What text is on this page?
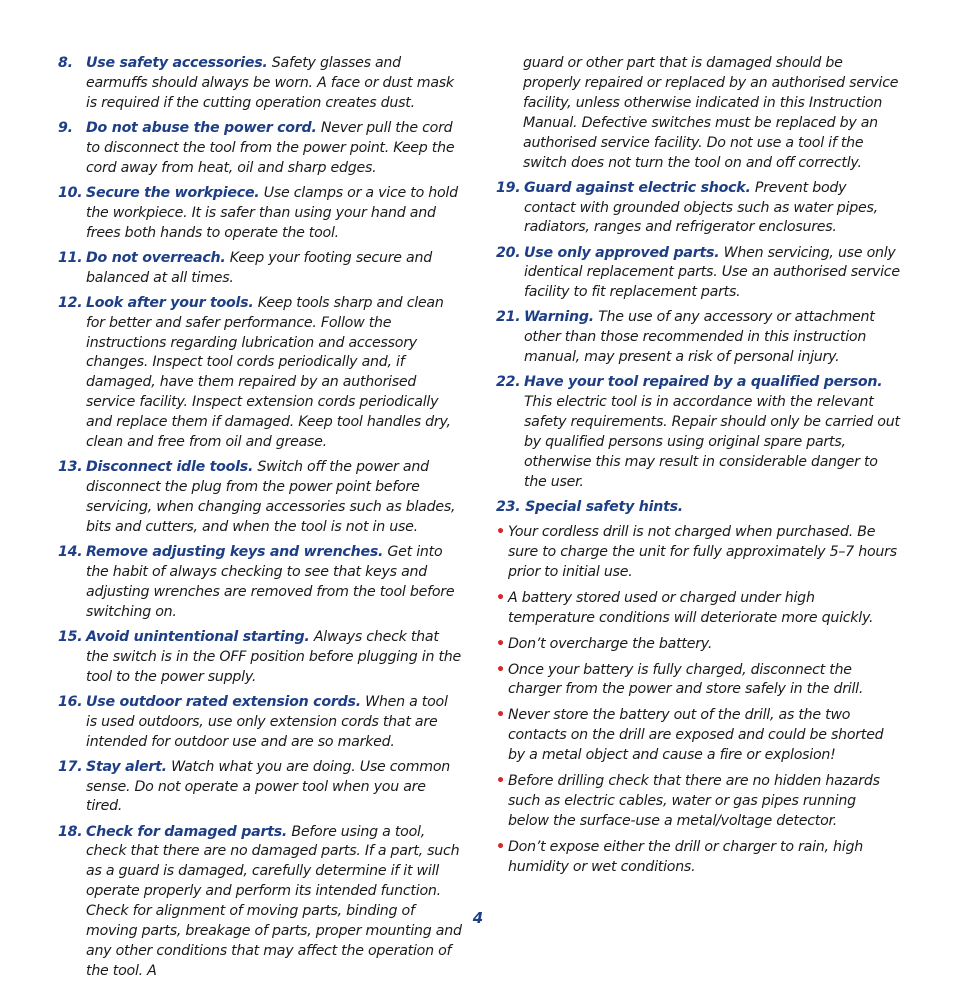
8. Use safety accessories. Safety glasses and earmuffs should always be worn. A face or dust mask is required if the cutting operation creates dust.
9. Do not abuse the power cord. Never pull the cord to disconnect the tool from the power point. Keep the cord away from heat, oil and sharp edges.
10. Secure the workpiece. Use clamps or a vice to hold the workpiece. It is safer than using your hand and frees both hands to operate the tool.
11. Do not overreach. Keep your footing secure and balanced at all times.
12. Look after your tools. Keep tools sharp and clean for better and safer performance. Follow the instructions regarding lubrication and accessory changes. Inspect tool cords periodically and, if damaged, have them repaired by an authorised service facility. Inspect extension cords periodically and replace them if damaged. Keep tool handles dry, clean and free from oil and grease.
13. Disconnect idle tools. Switch off the power and disconnect the plug from the power point before servicing, when changing accessories such as blades, bits and cutters, and when the tool is not in use.
14. Remove adjusting keys and wrenches. Get into the habit of always checking to see that keys and adjusting wrenches are removed from the tool before switching on.
15. Avoid unintentional starting. Always check that the switch is in the OFF position before plugging in the tool to the power supply.
16. Use outdoor rated extension cords. When a tool is used outdoors, use only extension cords that are intended for outdoor use and are so marked.
17. Stay alert. Watch what you are doing. Use common sense. Do not operate a power tool when you are tired.
18. Check for damaged parts. Before using a tool, check that there are no damaged parts. If a part, such as a guard is damaged, carefully determine if it will operate properly and perform its intended function. Check for alignment of moving parts, binding of moving parts, breakage of parts, proper mounting and any other conditions that may affect the operation of the tool. A
guard or other part that is damaged should be properly repaired or replaced by an authorised service facility, unless otherwise indicated in this Instruction Manual. Defective switches must be replaced by an authorised service facility. Do not use a tool if the switch does not turn the tool on and off correctly.
19. Guard against electric shock. Prevent body contact with grounded objects such as water pipes, radiators, ranges and refrigerator enclosures.
20. Use only approved parts. When servicing, use only identical replacement parts. Use an authorised service facility to fit replacement parts.
21. Warning. The use of any accessory or attachment other than those recommended in this instruction manual, may present a risk of personal injury.
22. Have your tool repaired by a qualified person. This electric tool is in accordance with the relevant safety requirements. Repair should only be carried out by qualified persons using original spare parts, otherwise this may result in considerable danger to the user.
23. Special safety hints.
• Your cordless drill is not charged when purchased. Be sure to charge the unit for fully approximately 5–7 hours prior to initial use.
• A battery stored used or charged under high temperature conditions will deteriorate more quickly.
• Don’t overcharge the battery.
• Once your battery is fully charged, disconnect the charger from the power and store safely in the drill.
• Never store the battery out of the drill, as the two contacts on the drill are exposed and could be shorted by a metal object and cause a fire or explosion!
• Before drilling check that there are no hidden hazards such as electric cables, water or gas pipes running below the surface-use a metal/voltage detector.
• Don’t expose either the drill or charger to rain, high humidity or wet conditions.
4
